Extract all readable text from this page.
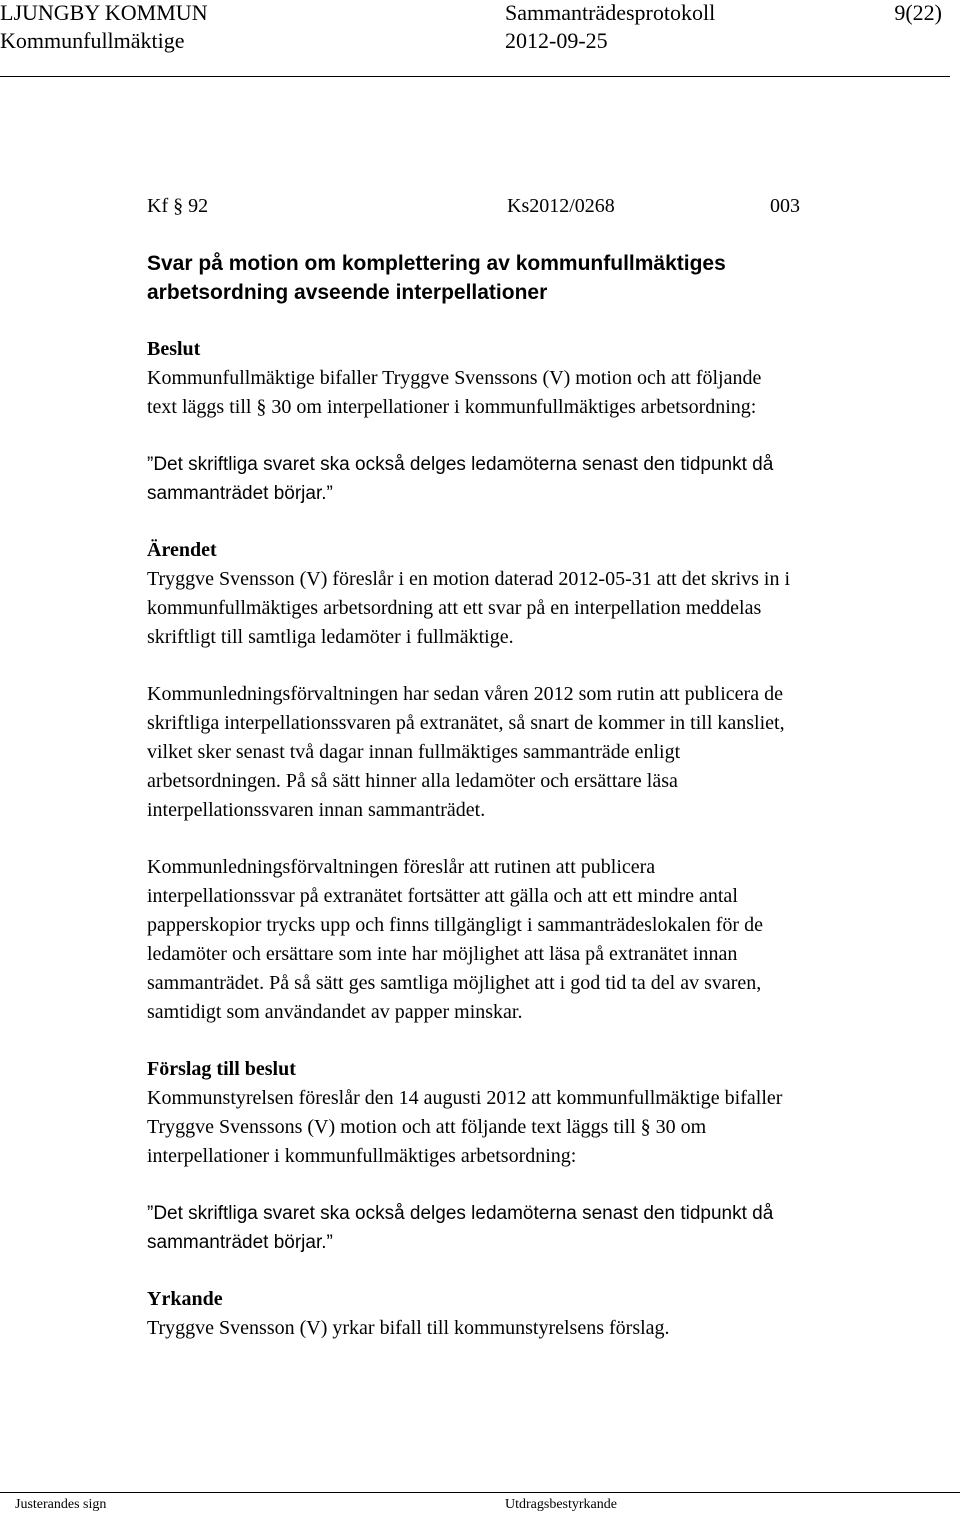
LJUNGBY KOMMUN
Kommunfullmäktige
Sammanträdesprotokoll
2012-09-25
9(22)
Kf § 92	Ks2012/0268	003
Svar på motion om komplettering av kommunfullmäktiges
arbetsordning avseende interpellationer
Beslut
Kommunfullmäktige bifaller Tryggve Svenssons (V) motion och att följande
text läggs till § 30 om interpellationer i kommunfullmäktiges arbetsordning:
”Det skriftliga svaret ska också delges ledamöterna senast den tidpunkt då
sammanträdet börjar.”
Ärendet
Tryggve Svensson (V) föreslår i en motion daterad 2012-05-31 att det skrivs in i
kommunfullmäktiges arbetsordning att ett svar på en interpellation meddelas
skriftligt till samtliga ledamöter i fullmäktige.
Kommunledningsförvaltningen har sedan våren 2012 som rutin att publicera de
skriftliga interpellationssvaren på extranätet, så snart de kommer in till kansliet,
vilket sker senast två dagar innan fullmäktiges sammanträde enligt
arbetsordningen. På så sätt hinner alla ledamöter och ersättare läsa
interpellationssvaren innan sammanträdet.
Kommunledningsförvaltningen föreslår att rutinen att publicera
interpellationssvar på extranätet fortsätter att gälla och att ett mindre antal
papperskopior trycks upp och finns tillgängligt i sammanträdeslokalen för de
ledamöter och ersättare som inte har möjlighet att läsa på extranätet innan
sammanträdet. På så sätt ges samtliga möjlighet att i god tid ta del av svaren,
samtidigt som användandet av papper minskar.
Förslag till beslut
Kommunstyrelsen föreslår den 14 augusti 2012 att kommunfullmäktige bifaller
Tryggve Svenssons (V) motion och att följande text läggs till § 30 om
interpellationer i kommunfullmäktiges arbetsordning:
”Det skriftliga svaret ska också delges ledamöterna senast den tidpunkt då
sammanträdet börjar.”
Yrkande
Tryggve Svensson (V) yrkar bifall till kommunstyrelsens förslag.
Justerandes sign	Utdragsbestyrkande
